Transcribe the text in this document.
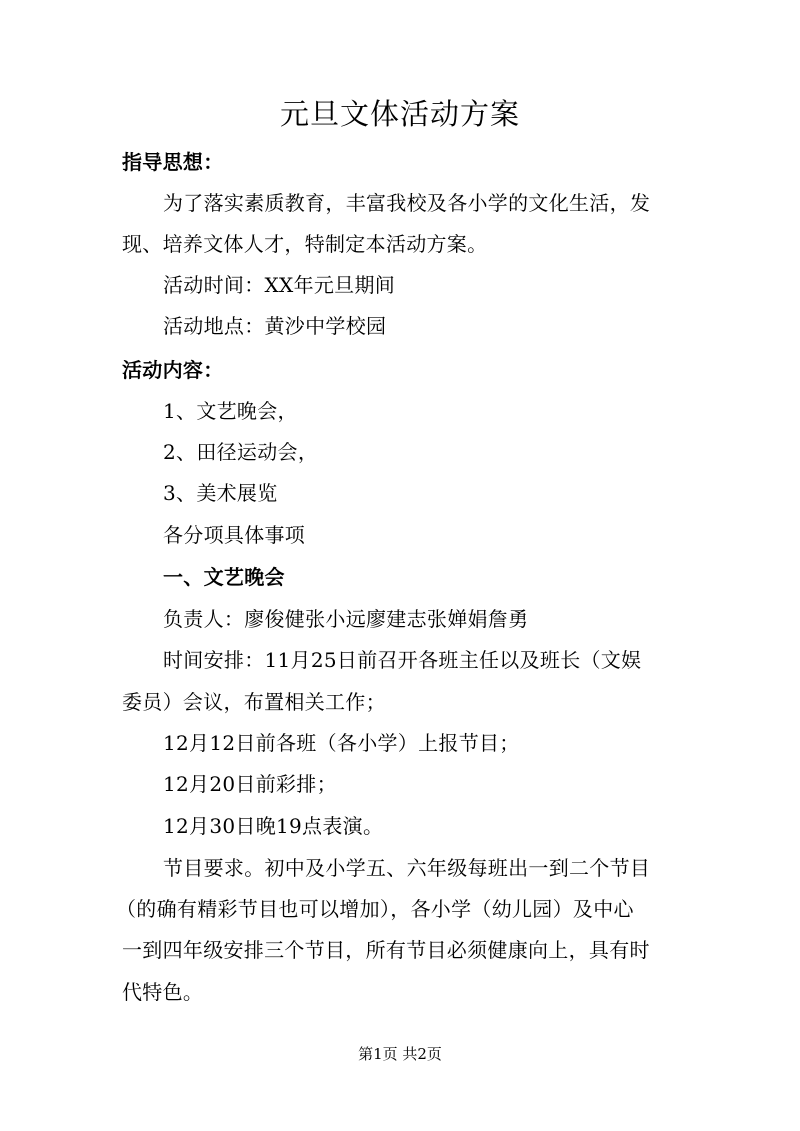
元旦文体活动方案
指导思想：
为了落实素质教育，丰富我校及各小学的文化生活，发
现、培养文体人才，特制定本活动方案。
活动时间：XX年元旦期间
活动地点：黄沙中学校园
活动内容：
1、文艺晚会，
2、田径运动会，
3、美术展览
各分项具体事项
一、文艺晚会
负责人：廖俊健张小远廖建志张婵娟詹勇
时间安排：11月25日前召开各班主任以及班长（文娱
委员）会议，布置相关工作；
12月12日前各班（各小学）上报节目；
12月20日前彩排；
12月30日晚19点表演。
节目要求。初中及小学五、六年级每班出一到二个节目
（的确有精彩节目也可以增加），各小学（幼儿园）及中心
一到四年级安排三个节目，所有节目必须健康向上，具有时
代特色。
第1页 共2页
